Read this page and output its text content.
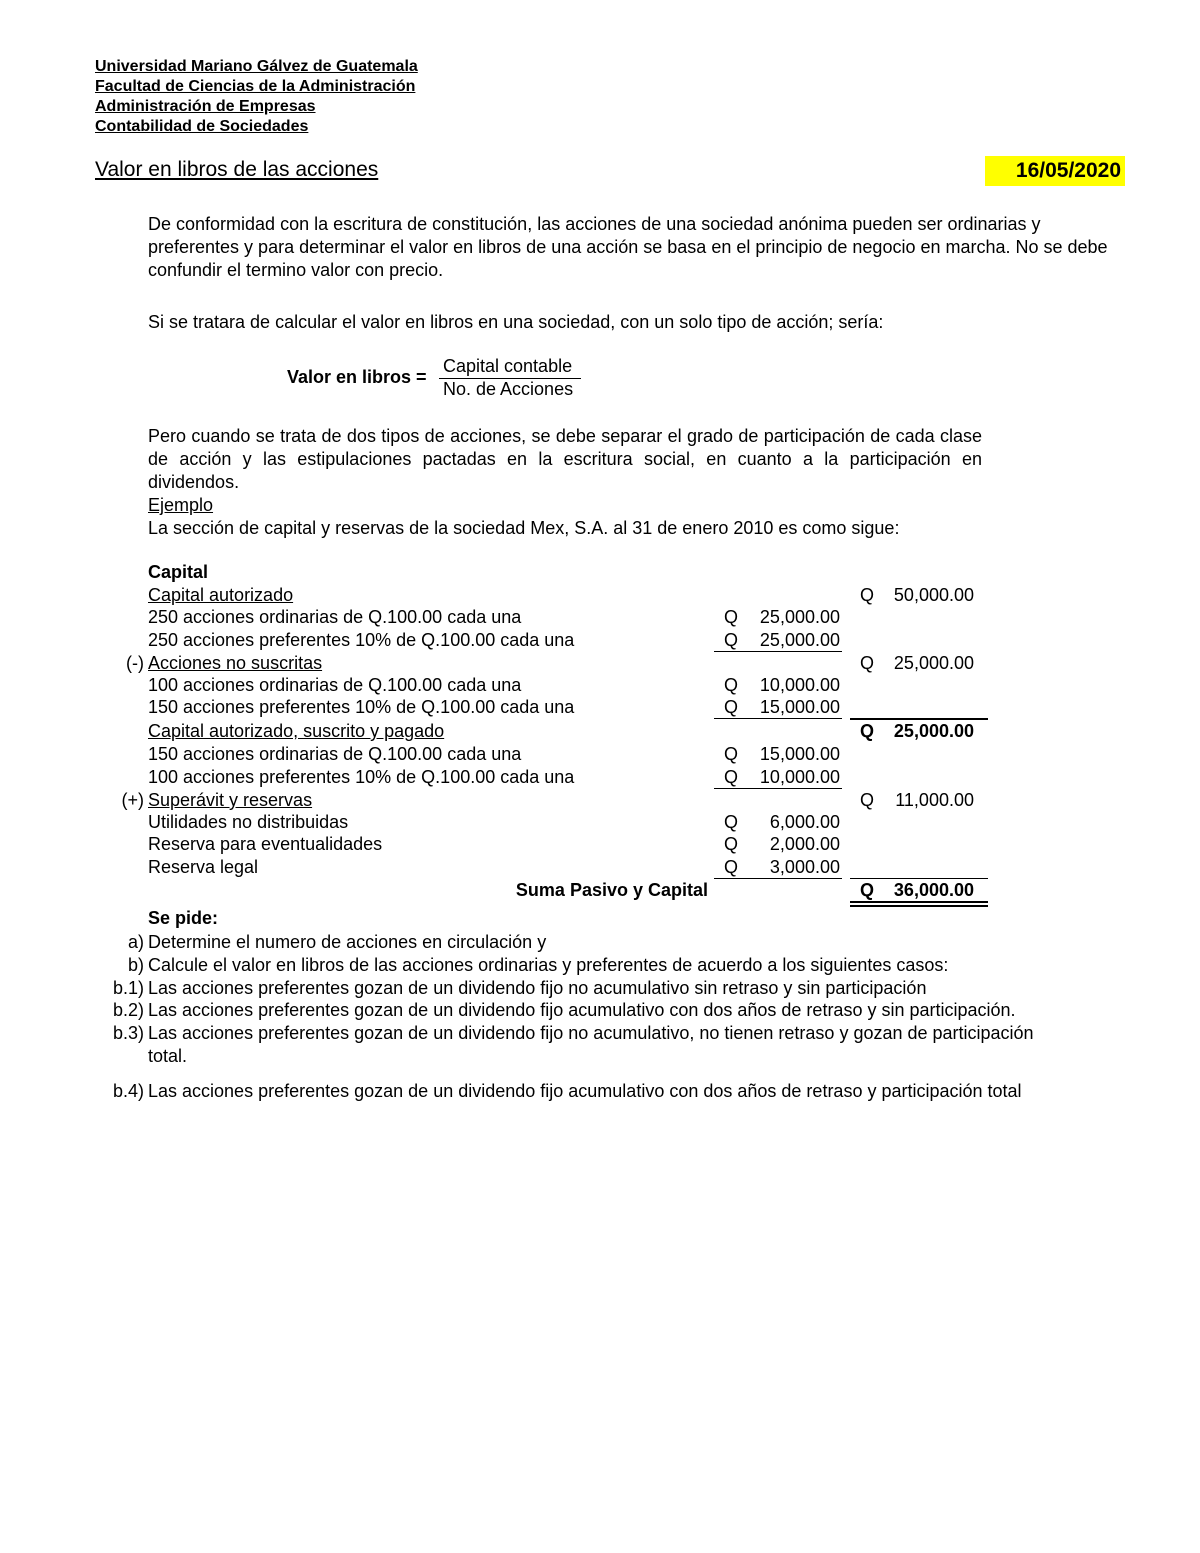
Universidad Mariano Gálvez de Guatemala
Facultad de Ciencias de la Administración
Administración de Empresas
Contabilidad de Sociedades
Valor en libros de las acciones	16/05/2020
De conformidad con la escritura de constitución, las acciones de una sociedad anónima pueden ser ordinarias y preferentes y para determinar el valor en libros de una acción se basa en el principio de negocio en marcha. No se debe confundir el termino valor con precio.
Si se tratara de calcular el valor en libros en una sociedad, con un solo tipo de acción; sería:
Valor en libros =
Capital contable
No. de Acciones
Pero cuando se trata de dos tipos de acciones, se debe separar el grado de participación de cada clase de acción y las estipulaciones pactadas en la escritura social, en cuanto a la participación en dividendos.
Ejemplo
La sección de capital y reservas de la sociedad Mex, S.A. al 31 de enero 2010 es como sigue:
Capital
Capital autorizado	Q	50,000.00
250 acciones ordinarias de Q.100.00 cada una	Q	25,000.00
250 acciones preferentes 10% de Q.100.00 cada una	Q	25,000.00
(-) Acciones no suscritas	Q	25,000.00
100 acciones ordinarias de Q.100.00 cada una	Q	10,000.00
150 acciones preferentes 10% de Q.100.00 cada una	Q	15,000.00
Capital autorizado, suscrito y pagado	Q	25,000.00
150 acciones ordinarias de Q.100.00 cada una	Q	15,000.00
100 acciones preferentes 10% de Q.100.00 cada una	Q	10,000.00
(+) Superávit y reservas	Q	11,000.00
Utilidades no distribuidas	Q	6,000.00
Reserva para eventualidades	Q	2,000.00
Reserva legal	Q	3,000.00
Suma Pasivo y Capital	Q	36,000.00
Se pide:
a) Determine el numero de acciones en circulación y
b) Calcule el valor en libros de las acciones ordinarias y preferentes de acuerdo a los siguientes casos:
b.1) Las acciones preferentes gozan de un dividendo fijo no acumulativo sin retraso y sin participación
b.2) Las acciones preferentes gozan de un dividendo fijo acumulativo con dos años de retraso y sin participación.
b.3) Las acciones preferentes gozan de un dividendo fijo no acumulativo, no tienen retraso y gozan de participación
total.
b.4) Las acciones preferentes gozan de un dividendo fijo acumulativo con dos años de retraso y participación total
